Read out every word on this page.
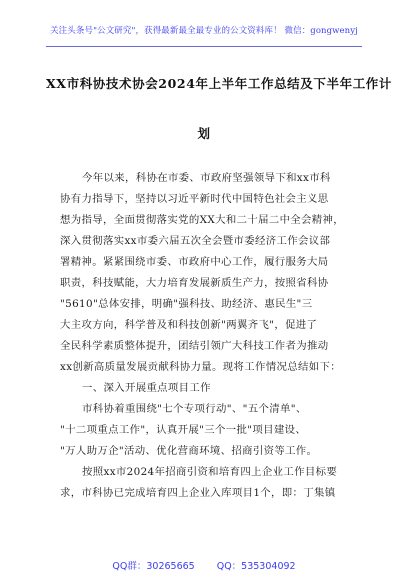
关注头条号"公文研究"，获得最新最全最专业的公文资料库！ 微信：gongwenyj
XX市科协技术协会2024年上半年工作总结及下半年工作计
划
今年以来，科协在市委、市政府坚强领导下和xx市科
协有力指导下，坚持以习近平新时代中国特色社会主义思
想为指导，全面贯彻落实党的XX大和二十届二中全会精神，
深入贯彻落实xx市委六届五次全会暨市委经济工作会议部
署精神。紧紧围绕市委、市政府中心工作，履行服务大局
职责，科技赋能，大力培育发展新质生产力，按照省科协
"5610"总体安排，明确"强科技、助经济、惠民生"三
大主攻方向，科学普及和科技创新"两翼齐飞"，促进了
全民科学素质整体提升，团结引领广大科技工作者为推动
xx创新高质量发展贡献科协力量。现将工作情况总结如下：
一、深入开展重点项目工作
市科协着重围绕"七个专项行动"、"五个清单"、
"十二项重点工作"，认真开展"三个一批"项目建设、
"万人助万企"活动、优化营商环境、招商引资等工作。
按照xx市2024年招商引资和培育四上企业工作目标要
求，市科协已完成培育四上企业入库项目1个，即：丁集镇
QQ群：30265665 QQ：535304092
